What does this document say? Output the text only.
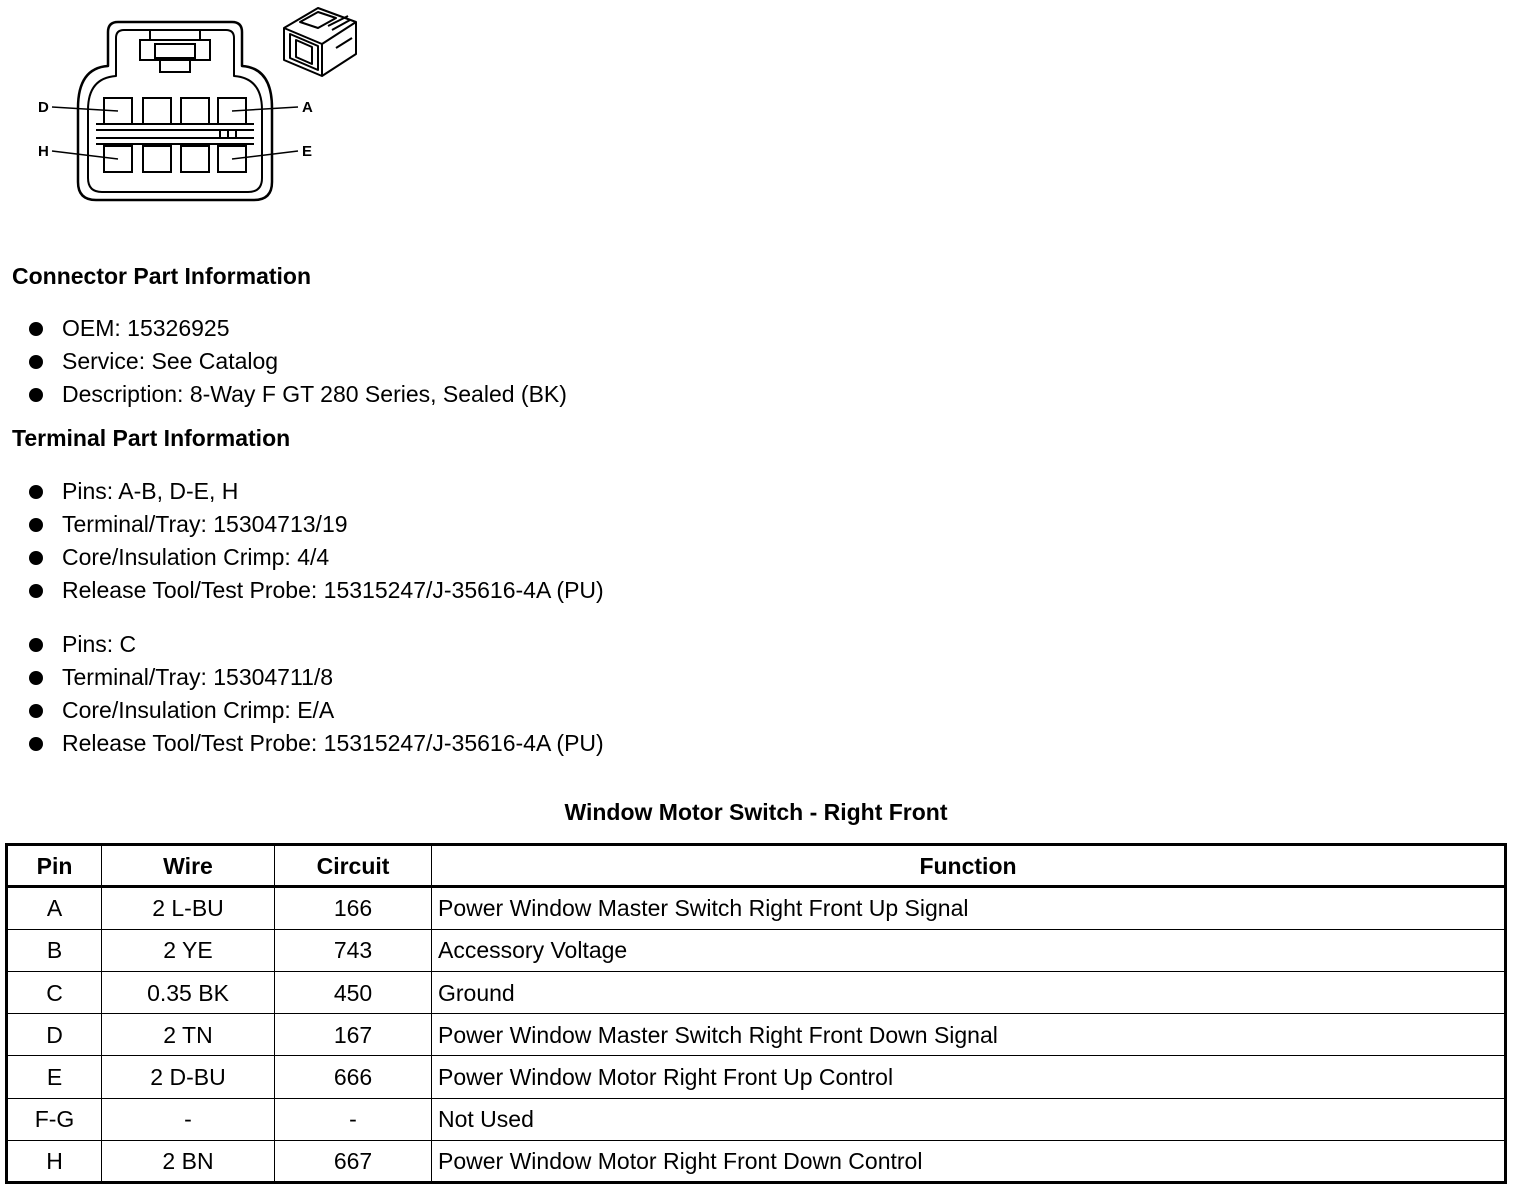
D	A
H	E
Connector Part Information
OEM: 15326925
Service: See Catalog
Description: 8-Way F GT 280 Series, Sealed (BK)
Terminal Part Information
Pins: A-B, D-E, H
Terminal/Tray: 15304713/19
Core/Insulation Crimp: 4/4
Release Tool/Test Probe: 15315247/J-35616-4A (PU)
Pins: C
Terminal/Tray: 15304711/8
Core/Insulation Crimp: E/A
Release Tool/Test Probe: 15315247/J-35616-4A (PU)
Window Motor Switch - Right Front
Pin	Wire	Circuit	Function
A	2 L-BU	166	Power Window Master Switch Right Front Up Signal
B	2 YE	743	Accessory Voltage
C	0.35 BK	450	Ground
D	2 TN	167	Power Window Master Switch Right Front Down Signal
E	2 D-BU	666	Power Window Motor Right Front Up Control
F-G	-	-	Not Used
H	2 BN	667	Power Window Motor Right Front Down Control
